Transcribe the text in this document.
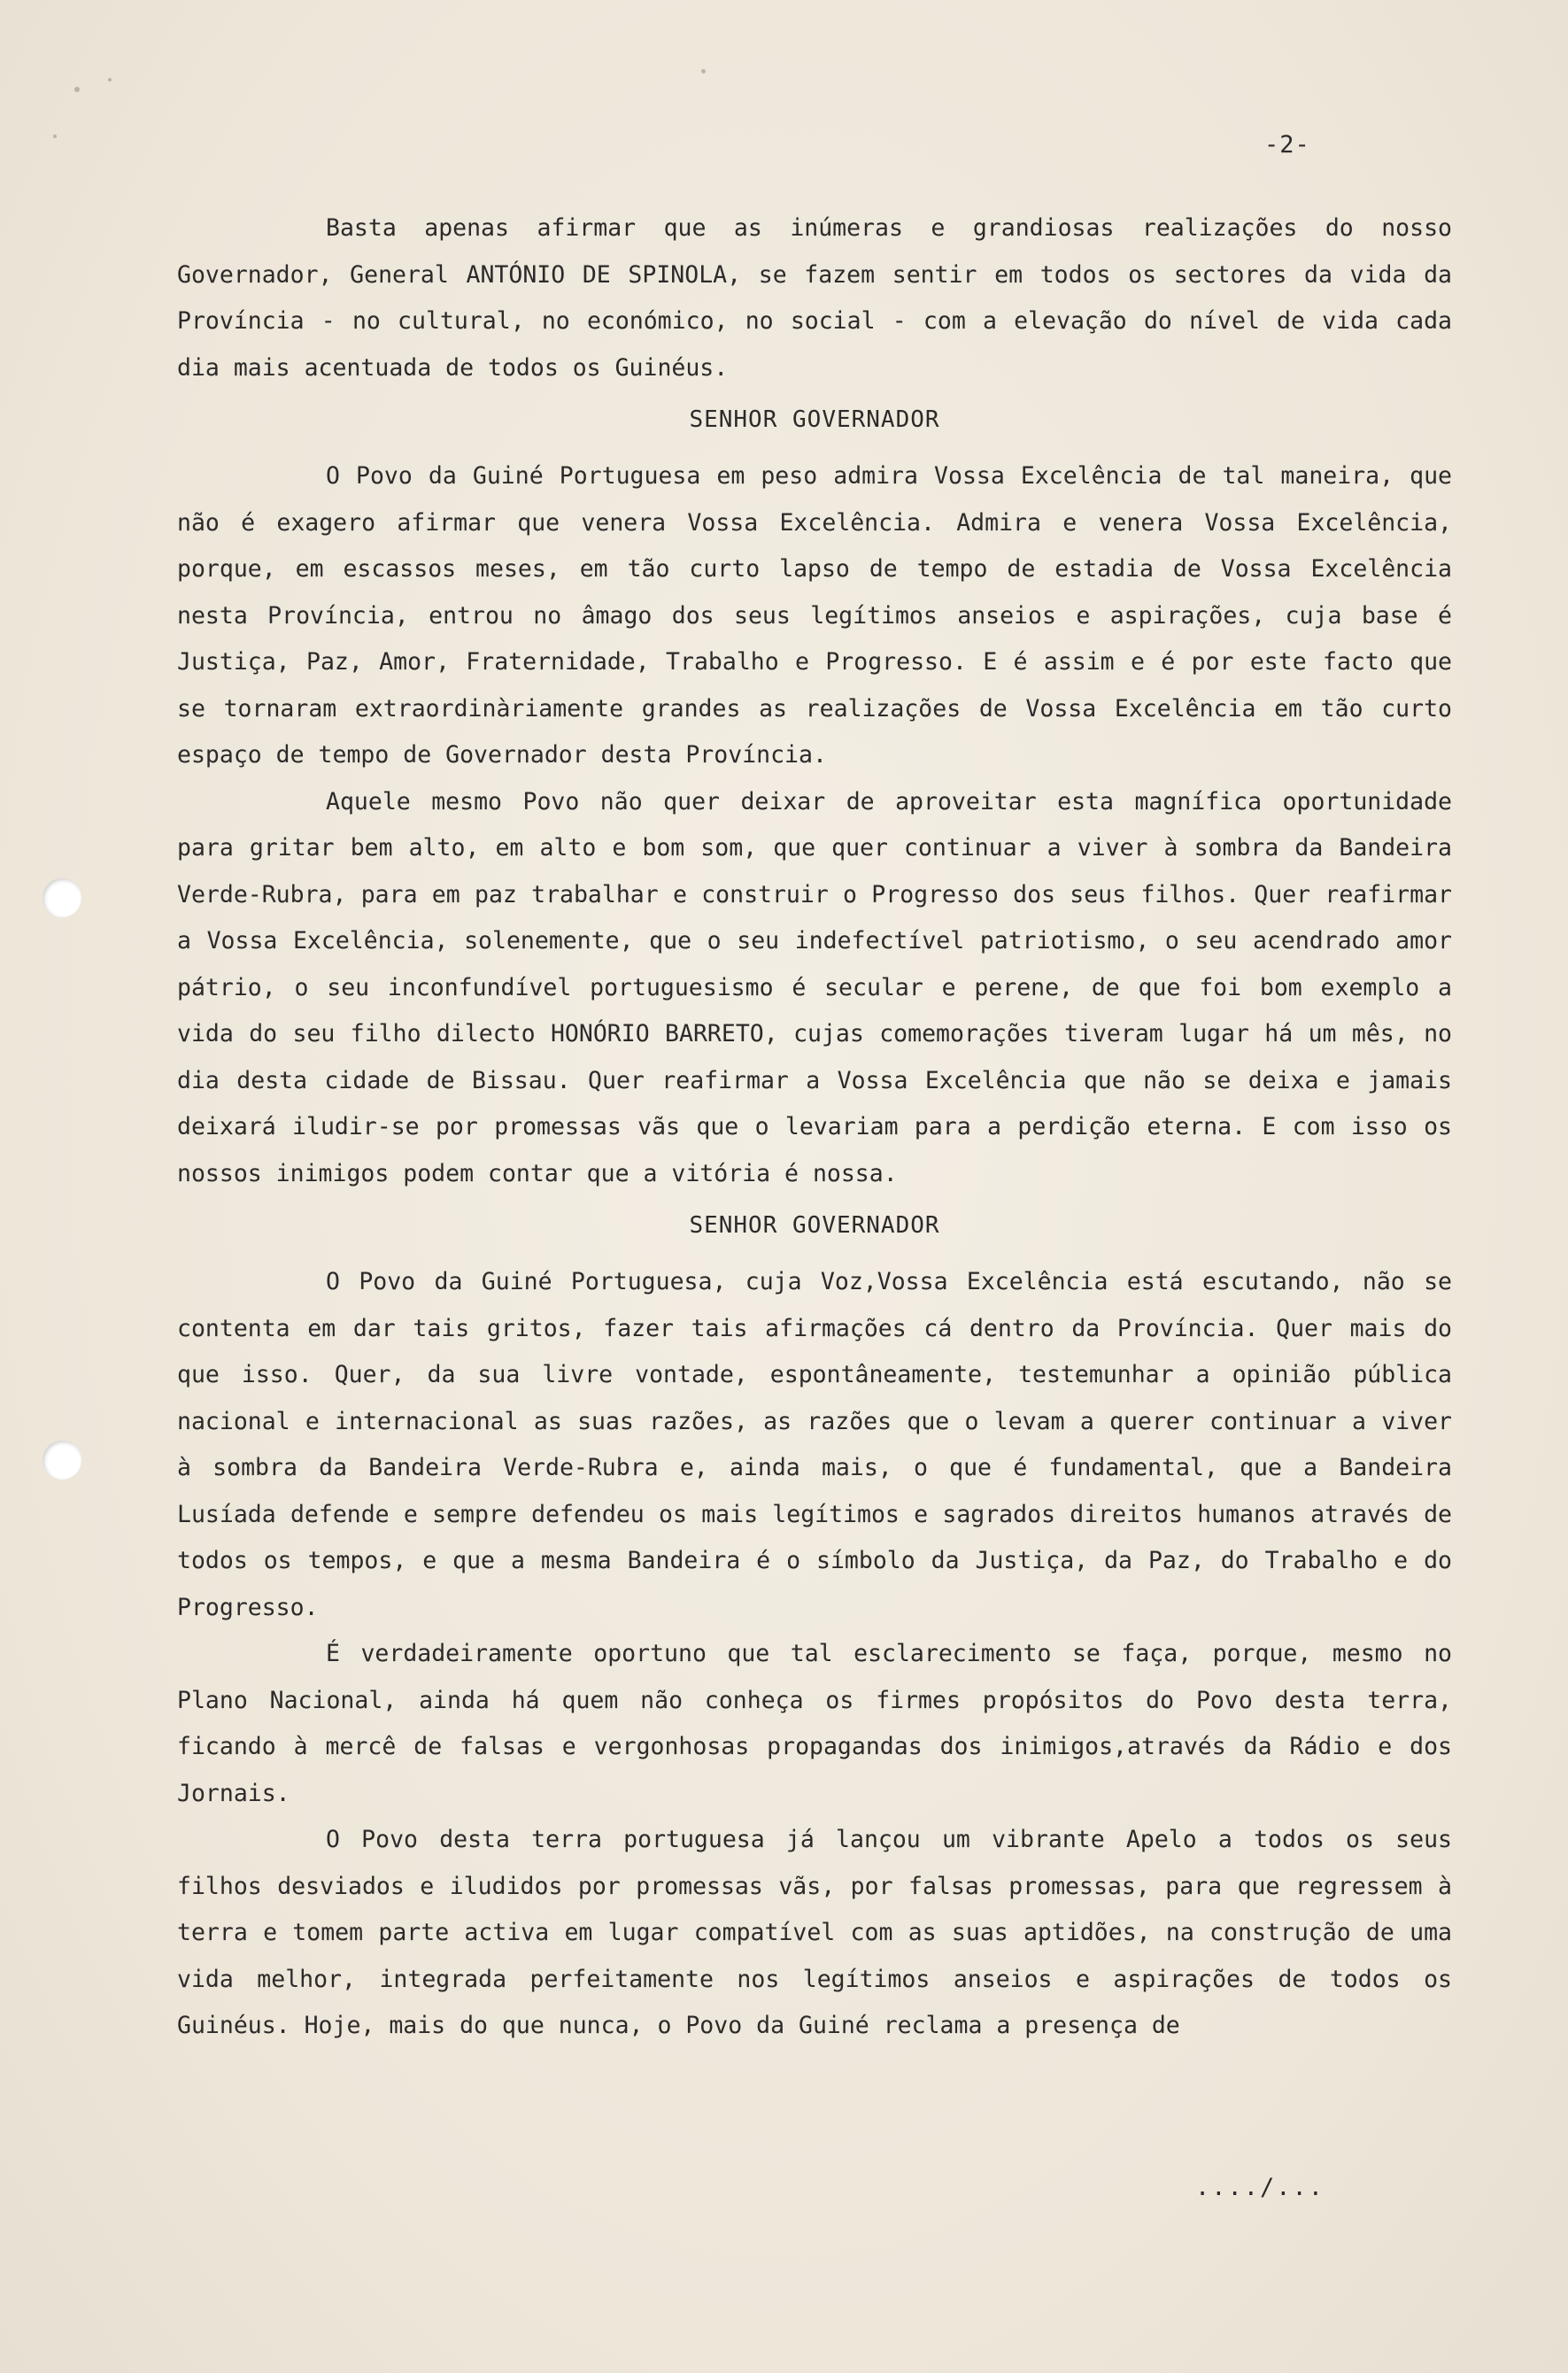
-2-

Basta apenas afirmar que as inúmeras e grandiosas realizações do nosso Governador, General ANTÓNIO DE SPINOLA, se fazem sentir em todos os sectores da vida da Província - no cultural, no económico, no social - com a elevação do nível de vida cada dia mais acentuada de todos os Guinéus.

SENHOR GOVERNADOR

O Povo da Guiné Portuguesa em peso admira Vossa Excelência de tal maneira, que não é exagero afirmar que venera Vossa Excelência. Admira e venera Vossa Excelência, porque, em escassos meses, em tão curto lapso de tempo de estadia de Vossa Excelência nesta Província, entrou no âmago dos seus legítimos anseios e aspirações, cuja base é Justiça, Paz, Amor, Fraternidade, Trabalho e Progresso. E é assim e é por este facto que se tornaram extraordinàriamente grandes as realizações de Vossa Excelência em tão curto espaço de tempo de Governador desta Província.

Aquele mesmo Povo não quer deixar de aproveitar esta magnífica oportunidade para gritar bem alto, em alto e bom som, que quer continuar a viver à sombra da Bandeira Verde-Rubra, para em paz trabalhar e construir o Progresso dos seus filhos. Quer reafirmar a Vossa Excelência, solenemente, que o seu indefectível patriotismo, o seu acendrado amor pátrio, o seu inconfundível portuguesismo é secular e perene, de que foi bom exemplo a vida do seu filho dilecto HONÓRIO BARRETO, cujas comemorações tiveram lugar há um mês, no dia desta cidade de Bissau. Quer reafirmar a Vossa Excelência que não se deixa e jamais deixará iludir-se por promessas vãs que o levariam para a perdição eterna. E com isso os nossos inimigos podem contar que a vitória é nossa.

SENHOR GOVERNADOR

O Povo da Guiné Portuguesa, cuja Voz,Vossa Excelência está escutando, não se contenta em dar tais gritos, fazer tais afirmações cá dentro da Província. Quer mais do que isso. Quer, da sua livre vontade, espontâneamente, testemunhar a opinião pública nacional e internacional as suas razões, as razões que o levam a querer continuar a viver à sombra da Bandeira Verde-Rubra e, ainda mais, o que é fundamental, que a Bandeira Lusíada defende e sempre defendeu os mais legítimos e sagrados direitos humanos através de todos os tempos, e que a mesma Bandeira é o símbolo da Justiça, da Paz, do Trabalho e do Progresso.

É verdadeiramente oportuno que tal esclarecimento se faça, porque, mesmo no Plano Nacional, ainda há quem não conheça os firmes propósitos do Povo desta terra, ficando à mercê de falsas e vergonhosas propagandas dos inimigos,através da Rádio e dos Jornais.

O Povo desta terra portuguesa já lançou um vibrante Apelo a todos os seus filhos desviados e iludidos por promessas vãs, por falsas promessas, para que regressem à terra e tomem parte activa em lugar compatível com as suas aptidões, na construção de uma vida melhor, integrada perfeitamente nos legítimos anseios e aspirações de todos os Guinéus. Hoje, mais do que nunca, o Povo da Guiné reclama a presença de

..../...
